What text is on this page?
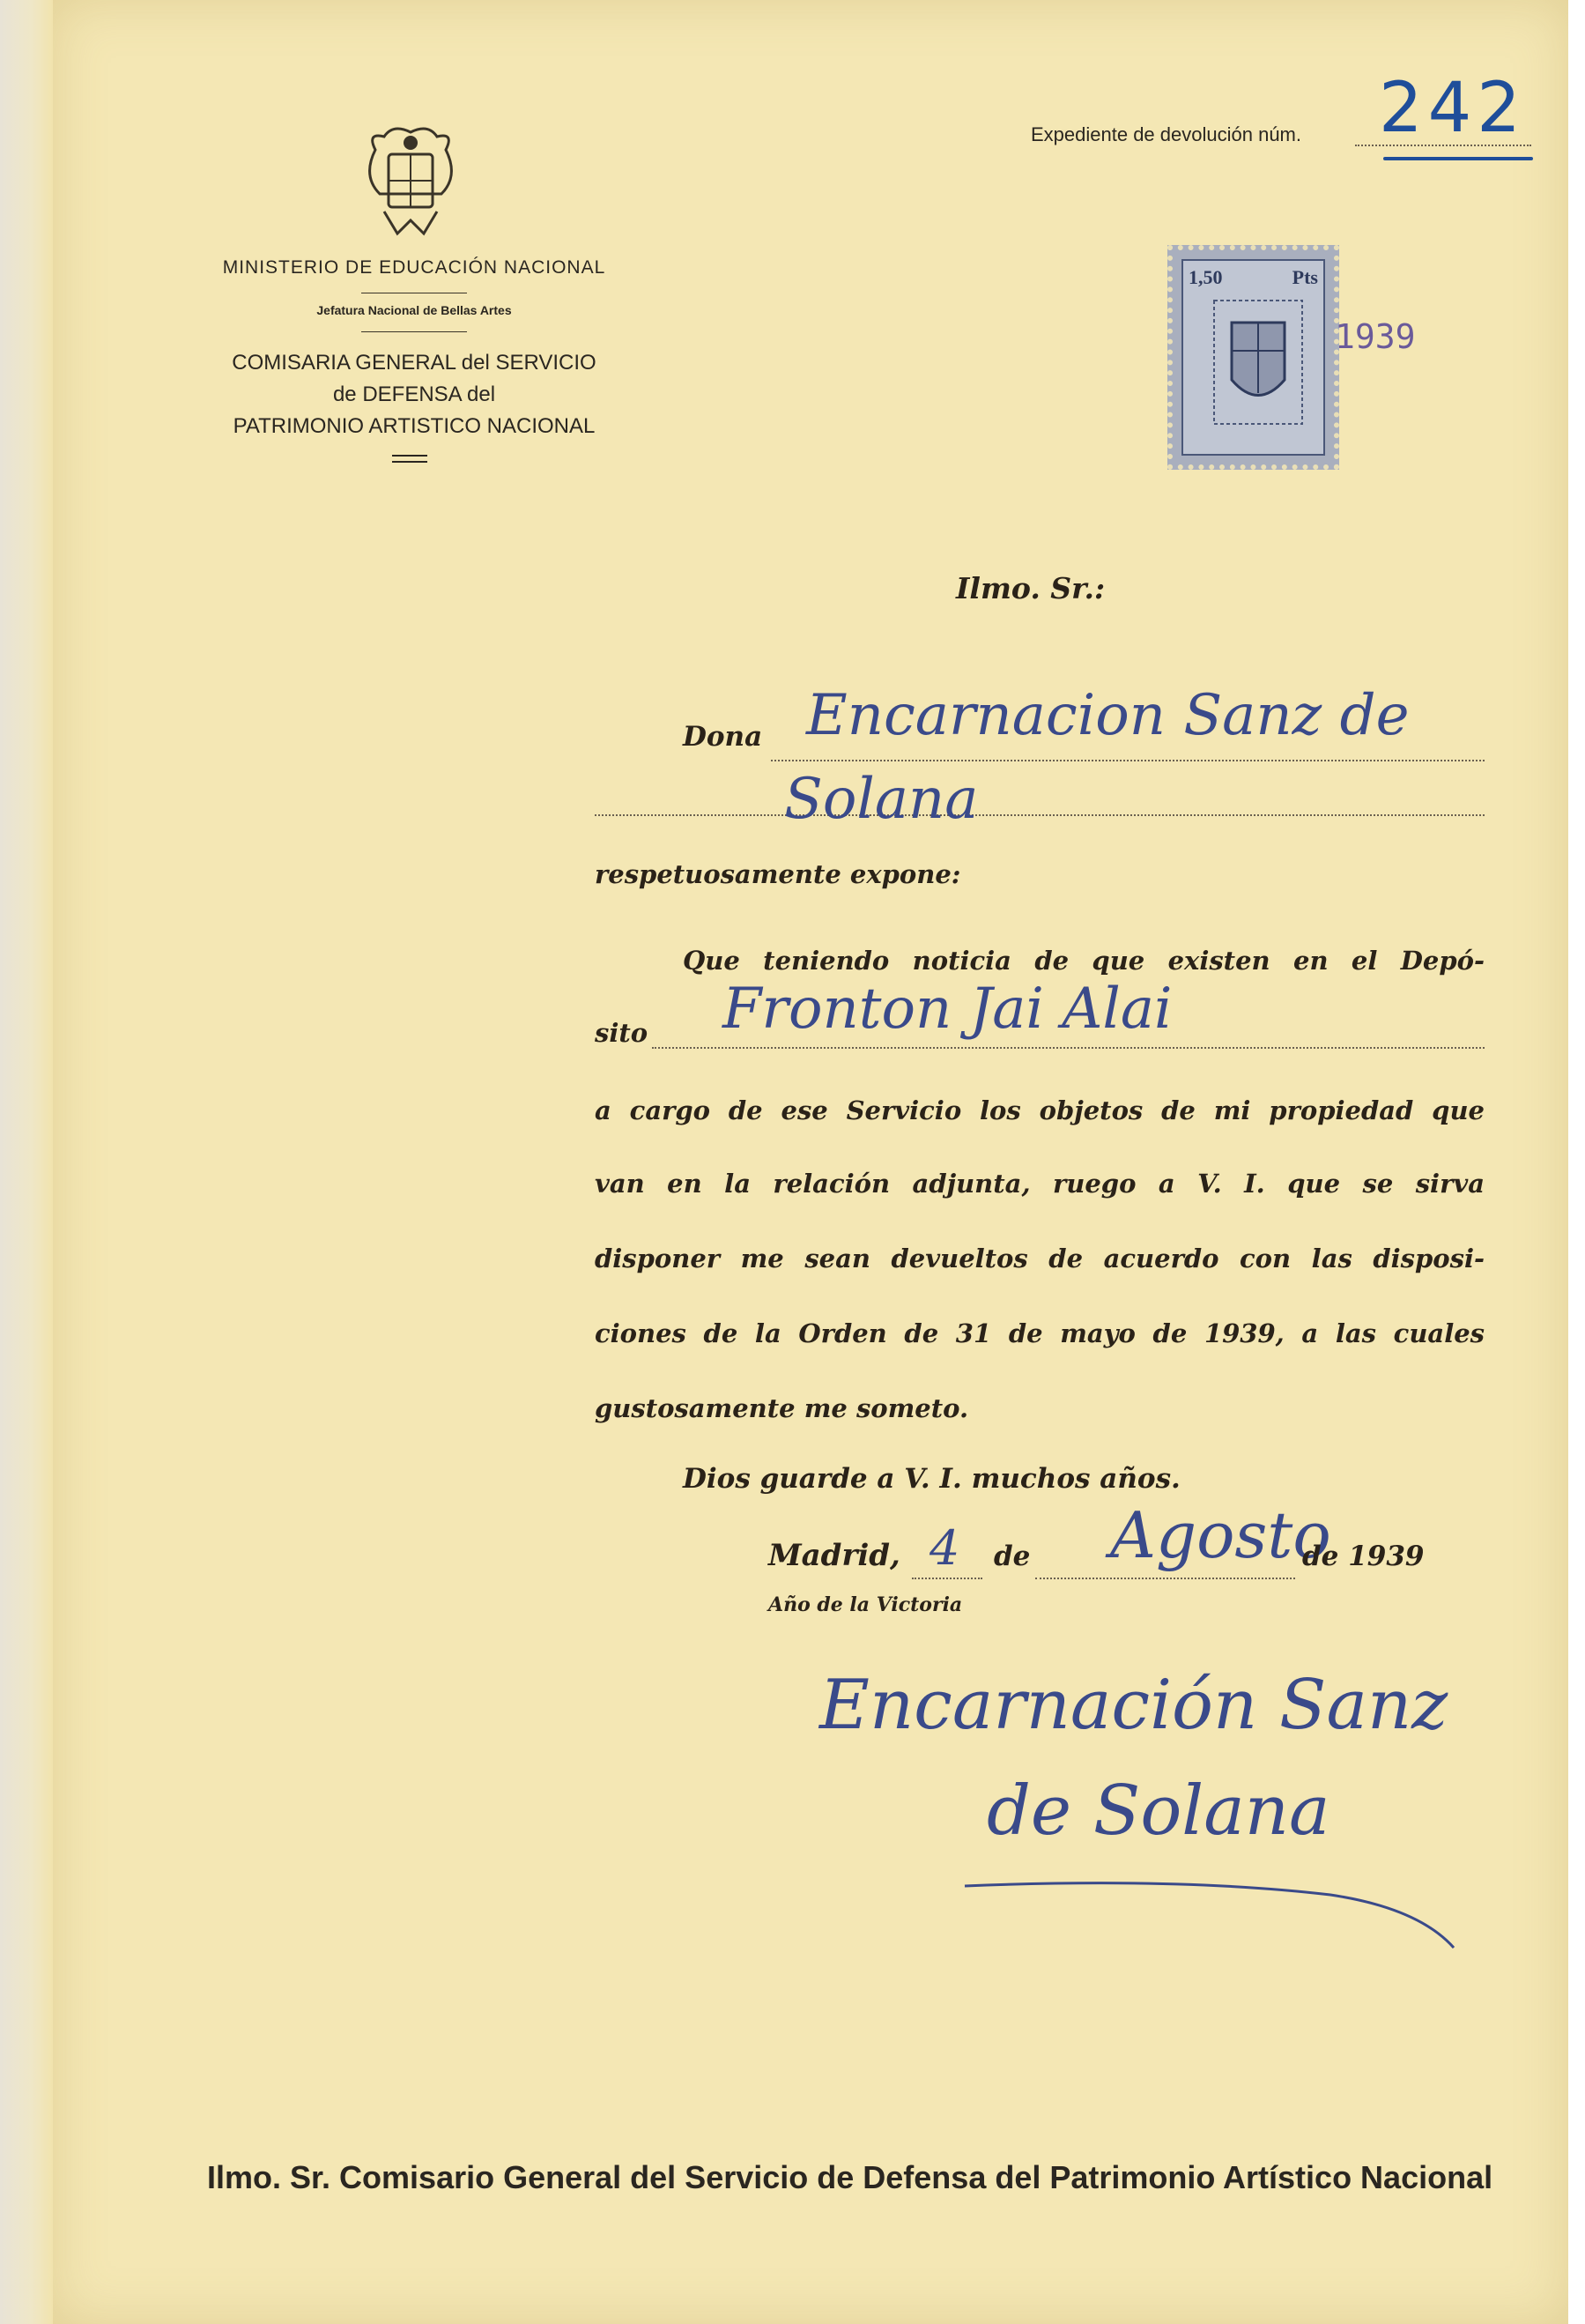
MINISTERIO DE EDUCACIÓN NACIONAL
Jefatura Nacional de Bellas Artes
COMISARIA GENERAL del SERVICIO
de DEFENSA del
PATRIMONIO ARTISTICO NACIONAL
Expediente de devolución núm. 242
1,50	Pts
1939
Ilmo. Sr.:
Dona Encarnacion Sanz de
Solana
respetuosamente expone:
Que teniendo noticia de que existen en el Depó-
sito Fronton Jai Alai
a cargo de ese Servicio los objetos de mi propiedad que
van en la relación adjunta, ruego a V. I. que se sirva
disponer me sean devueltos de acuerdo con las disposi-
ciones de la Orden de 31 de mayo de 1939, a las cuales
gustosamente me someto.
Dios guarde a V. I. muchos años.
Madrid, 4 de Agosto
de 1939
Año de la Victoria
Encarnación Sanz
de Solana
Ilmo. Sr. Comisario General del Servicio de Defensa del Patrimonio Artístico Nacional
